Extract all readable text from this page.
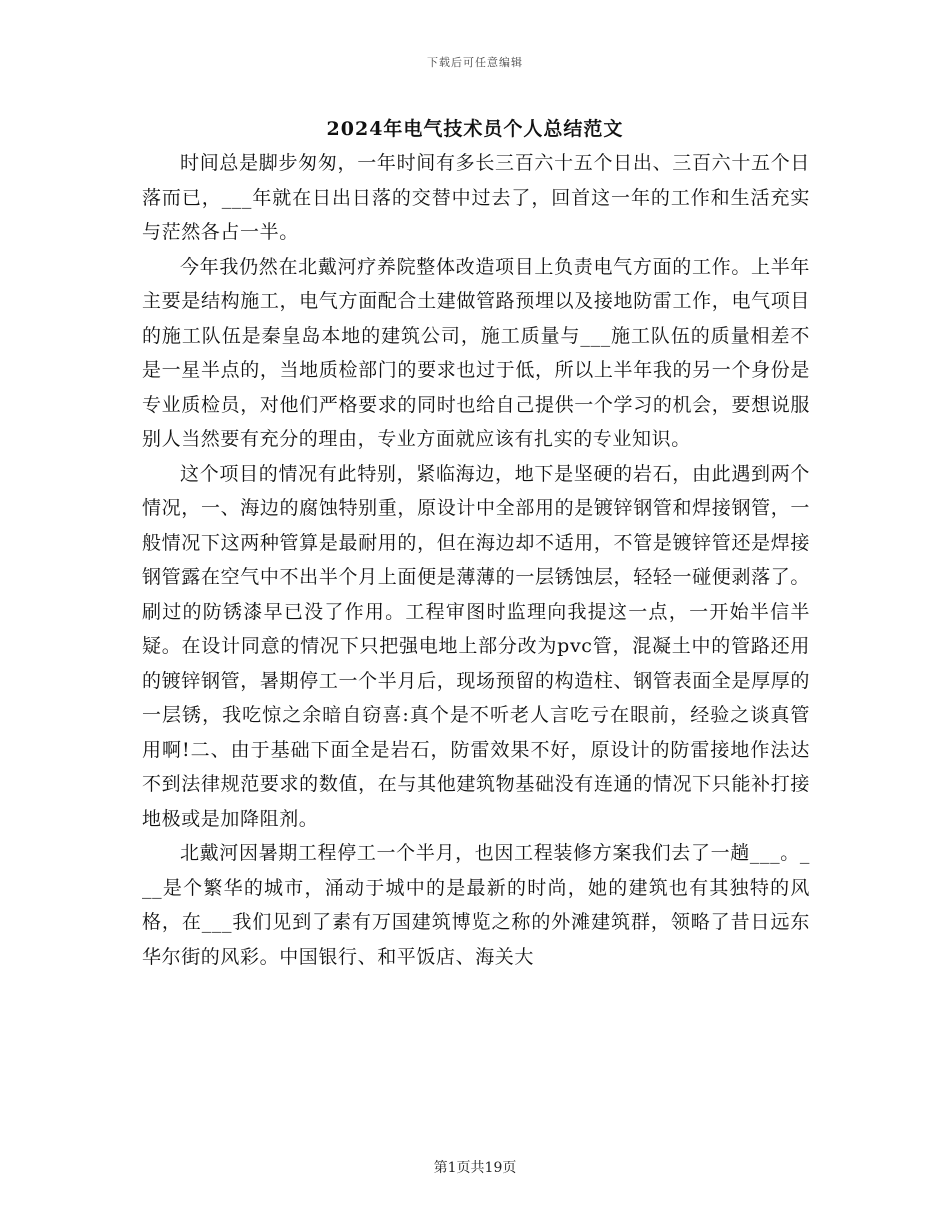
下载后可任意编辑
2024年电气技术员个人总结范文

时间总是脚步匆匆，一年时间有多长三百六十五个日出、三百六十五个日落而已，___年就在日出日落的交替中过去了，回首这一年的工作和生活充实与茫然各占一半。

今年我仍然在北戴河疗养院整体改造项目上负责电气方面的工作。上半年主要是结构施工，电气方面配合土建做管路预埋以及接地防雷工作，电气项目的施工队伍是秦皇岛本地的建筑公司，施工质量与___施工队伍的质量相差不是一星半点的，当地质检部门的要求也过于低，所以上半年我的另一个身份是专业质检员，对他们严格要求的同时也给自己提供一个学习的机会，要想说服别人当然要有充分的理由，专业方面就应该有扎实的专业知识。

这个项目的情况有此特别，紧临海边，地下是坚硬的岩石，由此遇到两个情况，一、海边的腐蚀特别重，原设计中全部用的是镀锌钢管和焊接钢管，一般情况下这两种管算是最耐用的，但在海边却不适用，不管是镀锌管还是焊接钢管露在空气中不出半个月上面便是薄薄的一层锈蚀层，轻轻一碰便剥落了。刷过的防锈漆早已没了作用。工程审图时监理向我提这一点，一开始半信半疑。在设计同意的情况下只把强电地上部分改为pvc管，混凝土中的管路还用的镀锌钢管，暑期停工一个半月后，现场预留的构造柱、钢管表面全是厚厚的一层锈，我吃惊之余暗自窃喜:真个是不听老人言吃亏在眼前，经验之谈真管用啊!二、由于基础下面全是岩石，防雷效果不好，原设计的防雷接地作法达不到法律规范要求的数值，在与其他建筑物基础没有连通的情况下只能补打接地极或是加降阻剂。

北戴河因暑期工程停工一个半月，也因工程装修方案我们去了一趟___。___是个繁华的城市，涌动于城中的是最新的时尚，她的建筑也有其独特的风格，在___我们见到了素有万国建筑博览之称的外滩建筑群，领略了昔日远东华尔街的风彩。中国银行、和平饭店、海关大

第1页共19页
